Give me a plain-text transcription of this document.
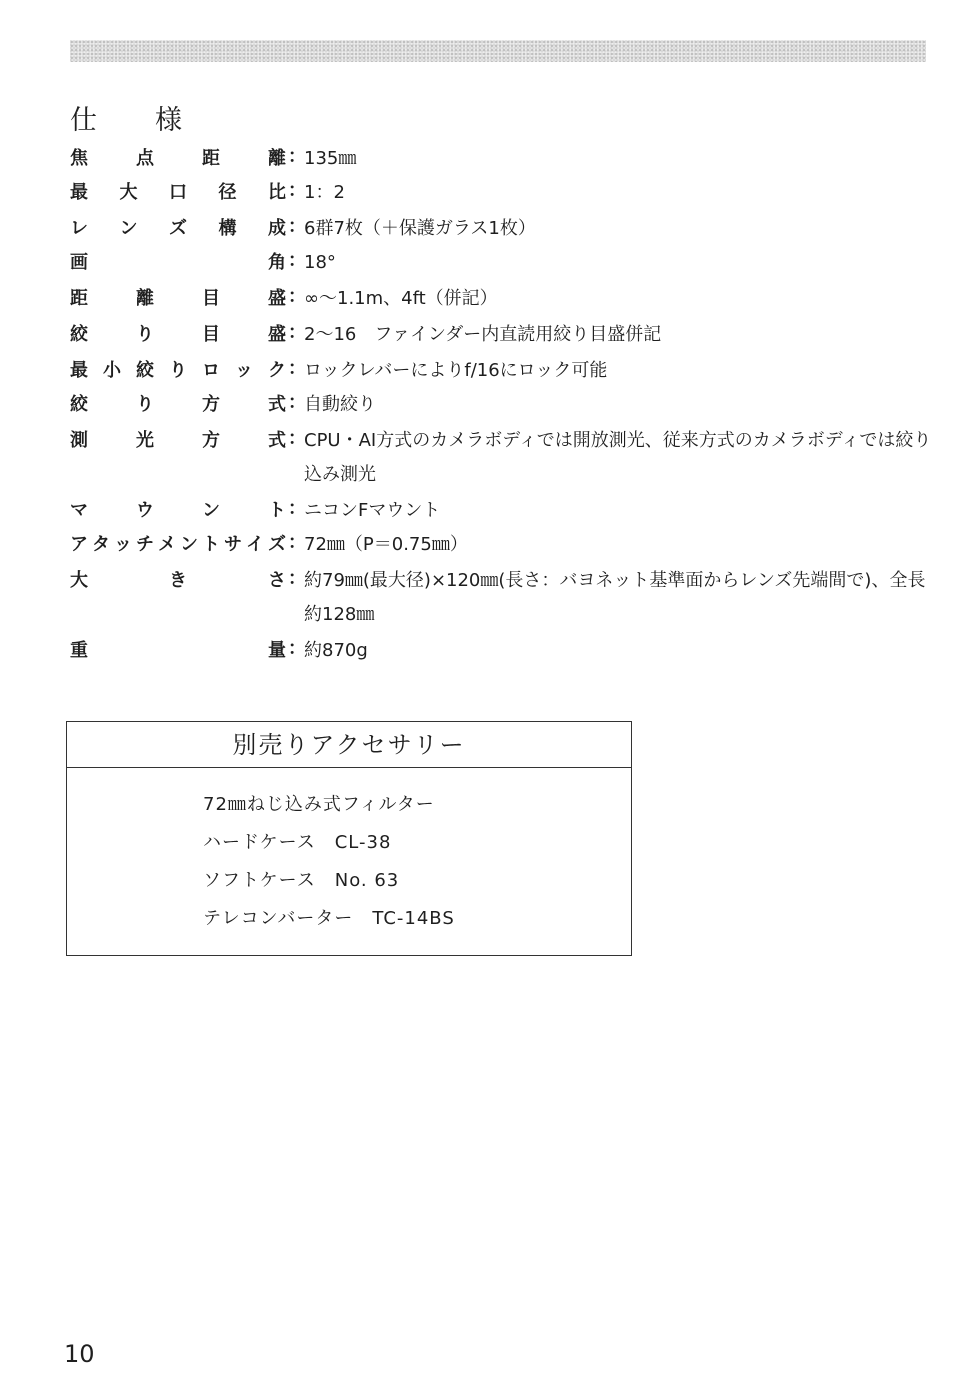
仕様
焦	点	距	離 ：
135㎜
最 大 口 径 比 ：
1：2
レ ン ズ 構 成 ：
6群7枚（＋保護ガラス1枚）
画	角 ：
18°
距	離	目	盛 ：
∞～1.1m、4ft（併記）
絞	り	目	盛 ：
2～16　ファインダー内直読用絞り目盛併記
最 小 絞 り ロ ッ ク ：
ロックレバーによりf/16にロック可能
絞	り	方	式 ：
自動絞り
測	光	方	式 ：
CPU・AI方式のカメラボディでは開放測光、従来方式のカメラボディでは絞り込み測光
マ	ウ	ン	ト ：
ニコンFマウント
ア タ ッ チ メ ン ト サ イ ズ ：
72㎜（P＝0.75㎜）
大	き	さ ：
約79㎜(最大径)×120㎜(長さ：バヨネット基準面からレンズ先端間で)、全長約128㎜
重	量 ：
約870g
別売りアクセサリー
72㎜ねじ込み式フィルター
ハードケース　CL-38
ソフトケース　No. 63
テレコンバーター　TC-14BS
10
